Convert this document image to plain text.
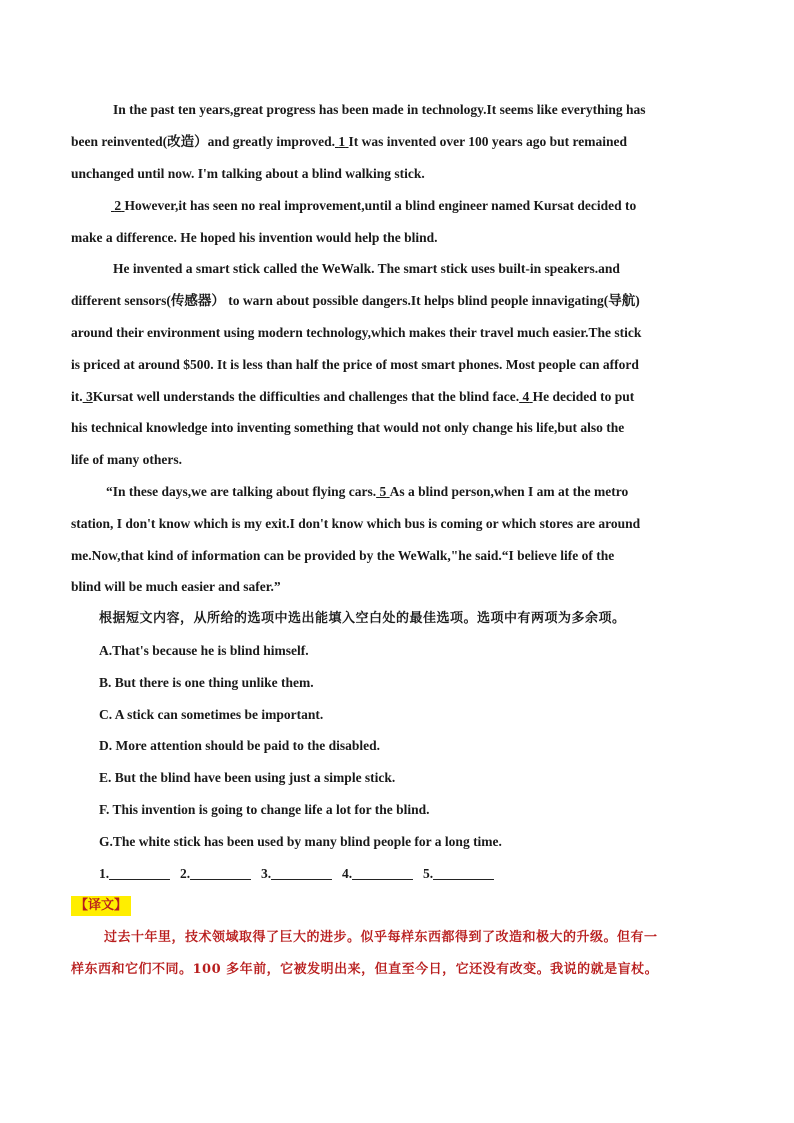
In the past ten years,great progress has been made in technology.It seems like everything has
been reinvented(改造）and greatly improved. 1 It was invented over 100 years ago but remained
unchanged until now. I'm talking about a blind walking stick.
2 However,it has seen no real improvement,until a blind engineer named Kursat decided to
make a difference. He hoped his invention would help the blind.
He invented a smart stick called the WeWalk. The smart stick uses built-in speakers.and
different sensors(传感器） to warn about possible dangers.It helps blind people innavigating(导航)
around their environment using modern technology,which makes their travel much easier.The stick
is priced at around $500. It is less than half the price of most smart phones. Most people can afford
it. 3Kursat well understands the difficulties and challenges that the blind face. 4 He decided to put
his technical knowledge into inventing something that would not only change his life,but also the
life of many others.
“In these days,we are talking about flying cars. 5 As a blind person,when I am at the metro
station, I don't know which is my exit.I don't know which bus is coming or which stores are around
me.Now,that kind of information can be provided by the WeWalk,"he said.“I believe life of the
blind will be much easier and safer.”
根据短文内容，从所给的选项中选出能填入空白处的最佳选项。选项中有两项为多余项。
A.That's because he is blind himself.
B. But there is one thing unlike them.
C. A stick can sometimes be important.
D. More attention should be paid to the disabled.
E. But the blind have been using just a simple stick.
F. This invention is going to change life a lot for the blind.
G.The white stick has been used by many blind people for a long time.
1._________   2._________   3._________   4._________   5._________
【译文】
过去十年里，技术领域取得了巨大的进步。似乎每样东西都得到了改造和极大的升级。但有一
样东西和它们不同。100 多年前，它被发明出来，但直至今日，它还没有改变。我说的就是盲杖。
